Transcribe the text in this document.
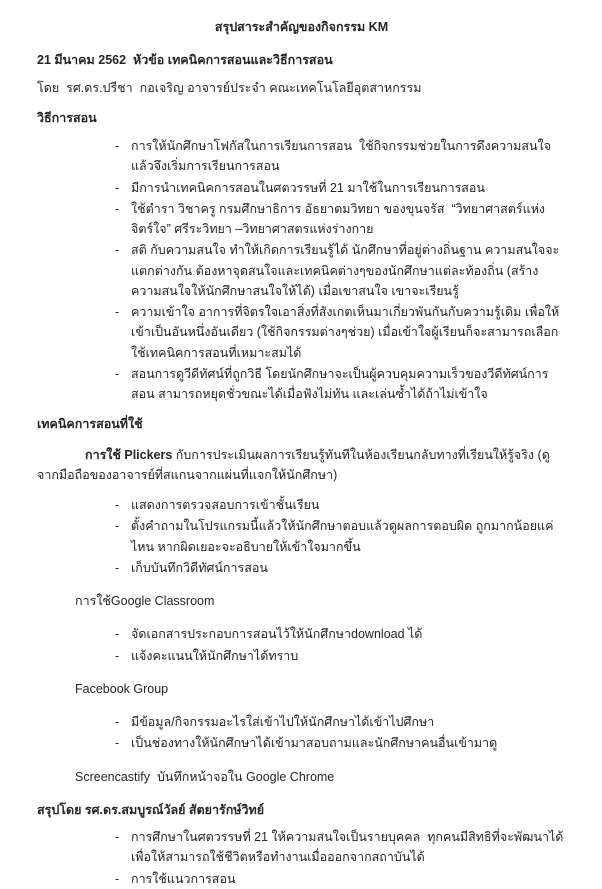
สรุปสาระสำคัญของกิจกรรม KM

21 มีนาคม 2562  หัวข้อ เทคนิคการสอนและวิธีการสอน

โดย  รศ.ดร.ปรีชา  กอเจริญ อาจารย์ประจำ คณะเทคโนโลยีอุตสาหกรรม

วิธีการสอน

- การให้นักศึกษาโฟกัสในการเรียนการสอน  ใช้กิจกรรมช่วยในการดึงความสนใจ แล้วจึงเริ่มการเรียนการสอน
- มีการนำเทคนิคการสอนในศตวรรษที่ 21 มาใช้ในการเรียนการสอน
- ใช้ตำรา วิชาครู กรมศึกษาธิการ อัธยาตมวิทยา ของขุนจรัส  “วิทยาศาสตร์แห่งจิตร์ใจ” ศรีระวิทยา –วิทยาศาสตรแห่งร่างกาย
- สติ กับความสนใจ ทำให้เกิดการเรียนรู้ได้ นักศึกษาที่อยู่ต่างถิ่นฐาน ความสนใจจะแตกต่างกัน ต้องหาจุดสนใจและเทคนิคต่างๆของนักศึกษาแต่ละท้องถิ่น (สร้างความสนใจให้นักศึกษาสนใจให้ได้) เมื่อเขาสนใจ เขาจะเรียนรู้
- ความเข้าใจ อาการที่จิตรใจเอาสิ่งที่สังเกตเห็นมาเกี่ยวพันกันกับความรู้เดิม เพื่อให้เข้าเป็นอันหนึ่งอันเดียว (ใช้กิจกรรมต่างๆช่วย) เมื่อเข้าใจผู้เรียนก็จะสามารถเลือกใช้เทคนิคการสอนที่เหมาะสมได้
- สอนการดูวีดีทัศน์ที่ถูกวิธี โดยนักศึกษาจะเป็นผู้ควบคุมความเร็วของวีดีทัศน์การสอน สามารถหยุดชั่วขณะได้เมื่อฟังไม่ทัน และเล่นซ้ำได้ถ้าไม่เข้าใจ

เทคนิคการสอนที่ใช้

การใช้ Plickers กับการประเมินผลการเรียนรู้ทันทีในห้องเรียนกลับทางที่เรียนให้รู้จริง (ดูจากมือถือของอาจารย์ที่สแกนจากแผ่นที่แจกให้นักศึกษา)

- แสดงการตรวจสอบการเข้าชั้นเรียน
- ตั้งคำถามในโปรแกรมนี้แล้วให้นักศึกษาตอบแล้วดูผลการตอบผิด ถูกมากน้อยแค่ไหน หากผิดเยอะจะอธิบายให้เข้าใจมากขึ้น
- เก็บบันทึกวิดีทัศน์การสอน

การใช้Google Classroom

- จัดเอกสารประกอบการสอนไว้ให้นักศึกษาdownload ได้
- แจ้งคะแนนให้นักศึกษาได้ทราบ

Facebook Group

- มีข้อมูล/กิจกรรมอะไรใส่เข้าไปให้นักศึกษาได้เข้าไปศึกษา
- เป็นช่องทางให้นักศึกษาได้เข้ามาสอบถามและนักศึกษาคนอื่นเข้ามาดู

Screencastify  บันทึกหน้าจอใน Google Chrome

สรุปโดย รศ.ดร.สมบูรณ์วัลย์ สัตยารักษ์วิทย์

- การศึกษาในศตวรรษที่ 21 ให้ความสนใจเป็นรายบุคคล  ทุกคนมีสิทธิที่จะพัฒนาได้ เพื่อให้สามารถใช้ชีวิตหรือทำงานเมื่อออกจากสถาบันได้
- การใช้แนวการสอน
